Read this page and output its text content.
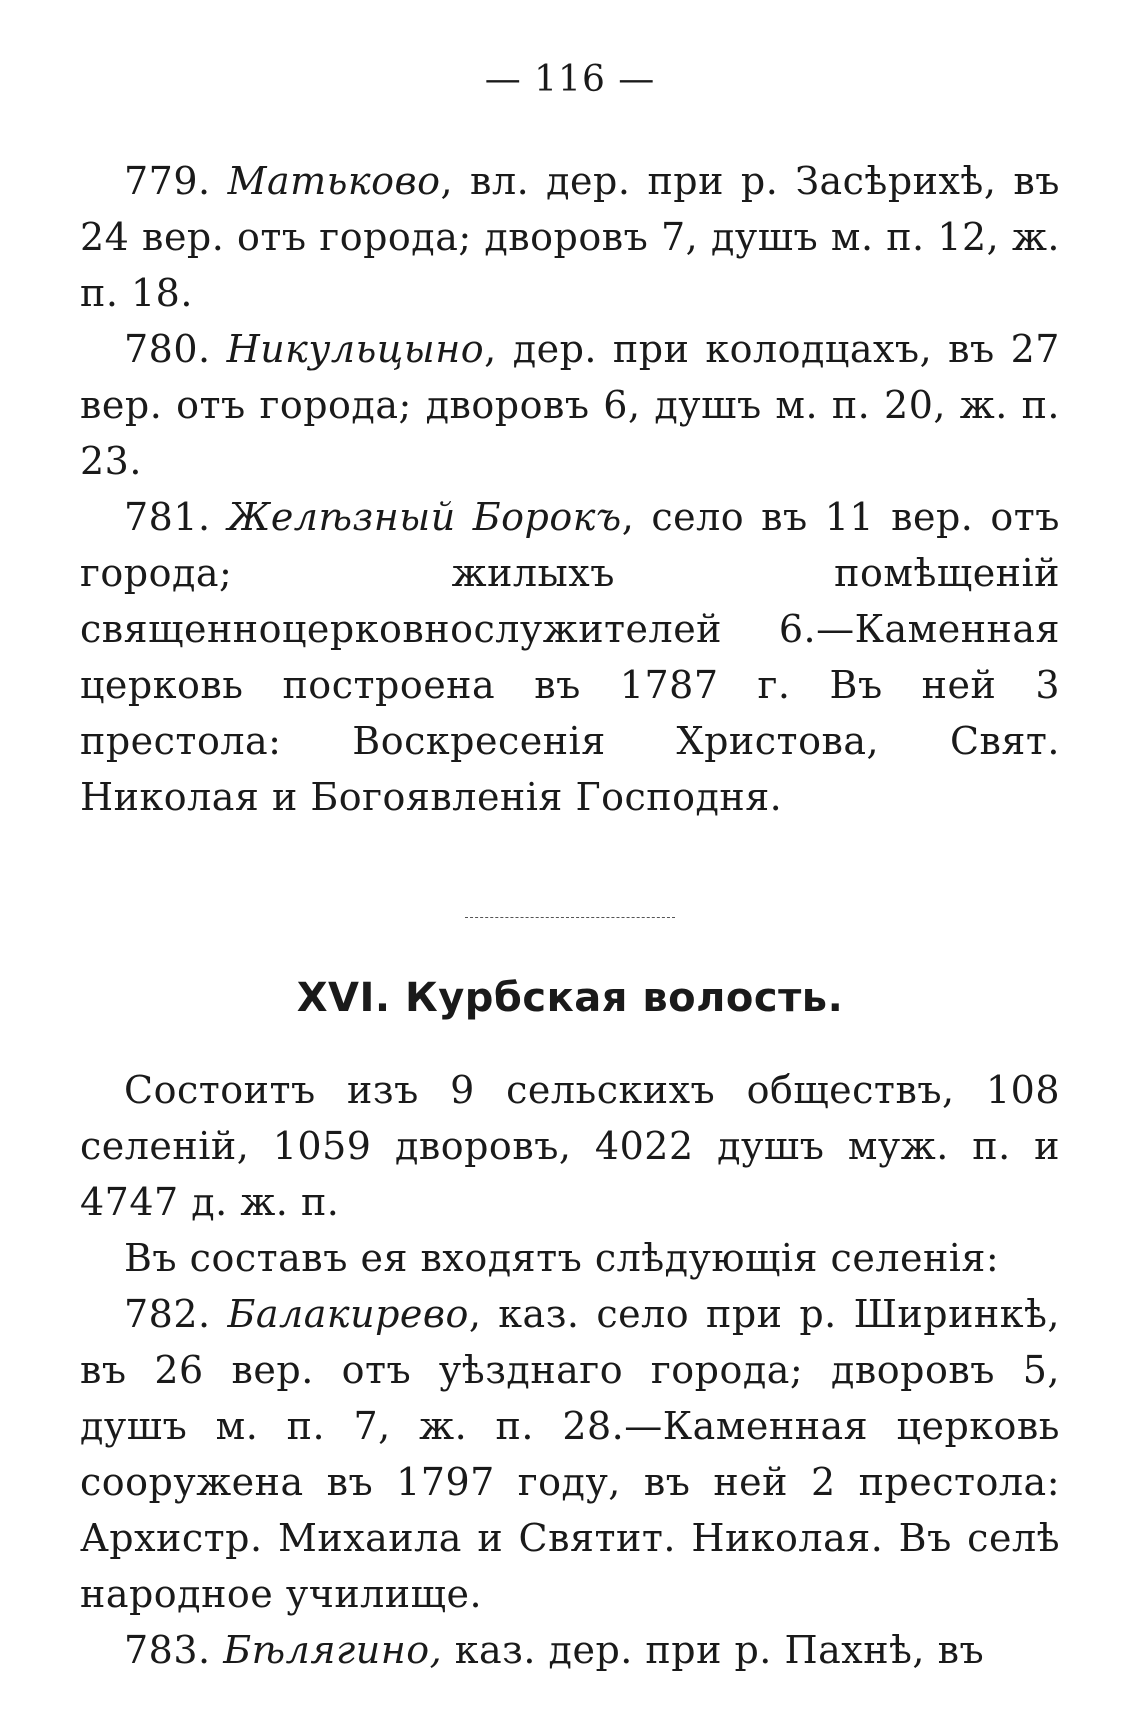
— 116 —

779. Матьково, вл. дер. при р. Засѣрихѣ, въ 24 вер. отъ города; дворовъ 7, душъ м. п. 12, ж. п. 18.

780. Никульцыно, дер. при колодцахъ, въ 27 вер. отъ города; дворовъ 6, душъ м. п. 20, ж. п. 23.

781. Желѣзный Борокъ, село въ 11 вер. отъ города; жилыхъ помѣщеній священноцерковнослужителей 6.—Каменная церковь построена въ 1787 г. Въ ней 3 престола: Воскресенія Христова, Свят. Николая и Богоявленія Господня.

XVI. Курбская волость.

Состоитъ изъ 9 сельскихъ обществъ, 108 селеній, 1059 дворовъ, 4022 душъ муж. п. и 4747 д. ж. п.

Въ составъ ея входятъ слѣдующія селенія:

782. Балакирево, каз. село при р. Ширинкѣ, въ 26 вер. отъ уѣзднаго города; дворовъ 5, душъ м. п. 7, ж. п. 28.—Каменная церковь сооружена въ 1797 году, въ ней 2 престола: Архистр. Михаила и Святит. Николая. Въ селѣ народное училище.

783. Бѣлягино, каз. дер. при р. Пахнѣ, въ
